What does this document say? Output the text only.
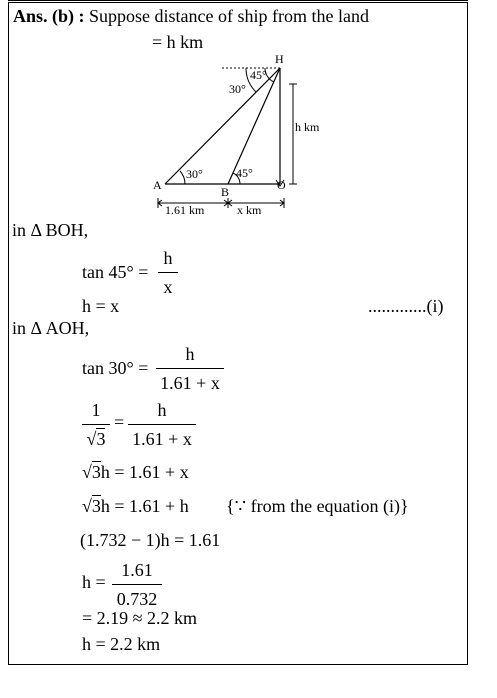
Ans. (b) : Suppose distance of ship from the land
= h km
H
A	B	O
30°
45°
30°	45°
h km
1.61 km	x km
in Δ BOH,
tan 45° =
h
x
h = x	.............(i)
in Δ AOH,
tan 30° =
h
1.61 + x
1
√3
=
h
1.61 + x
√3h = 1.61 + x
√3h = 1.61 + h {∵ from the equation (i)}
(1.732 − 1)h = 1.61
h =
1.61
0.732
= 2.19 ≈ 2.2 km
h = 2.2 km
